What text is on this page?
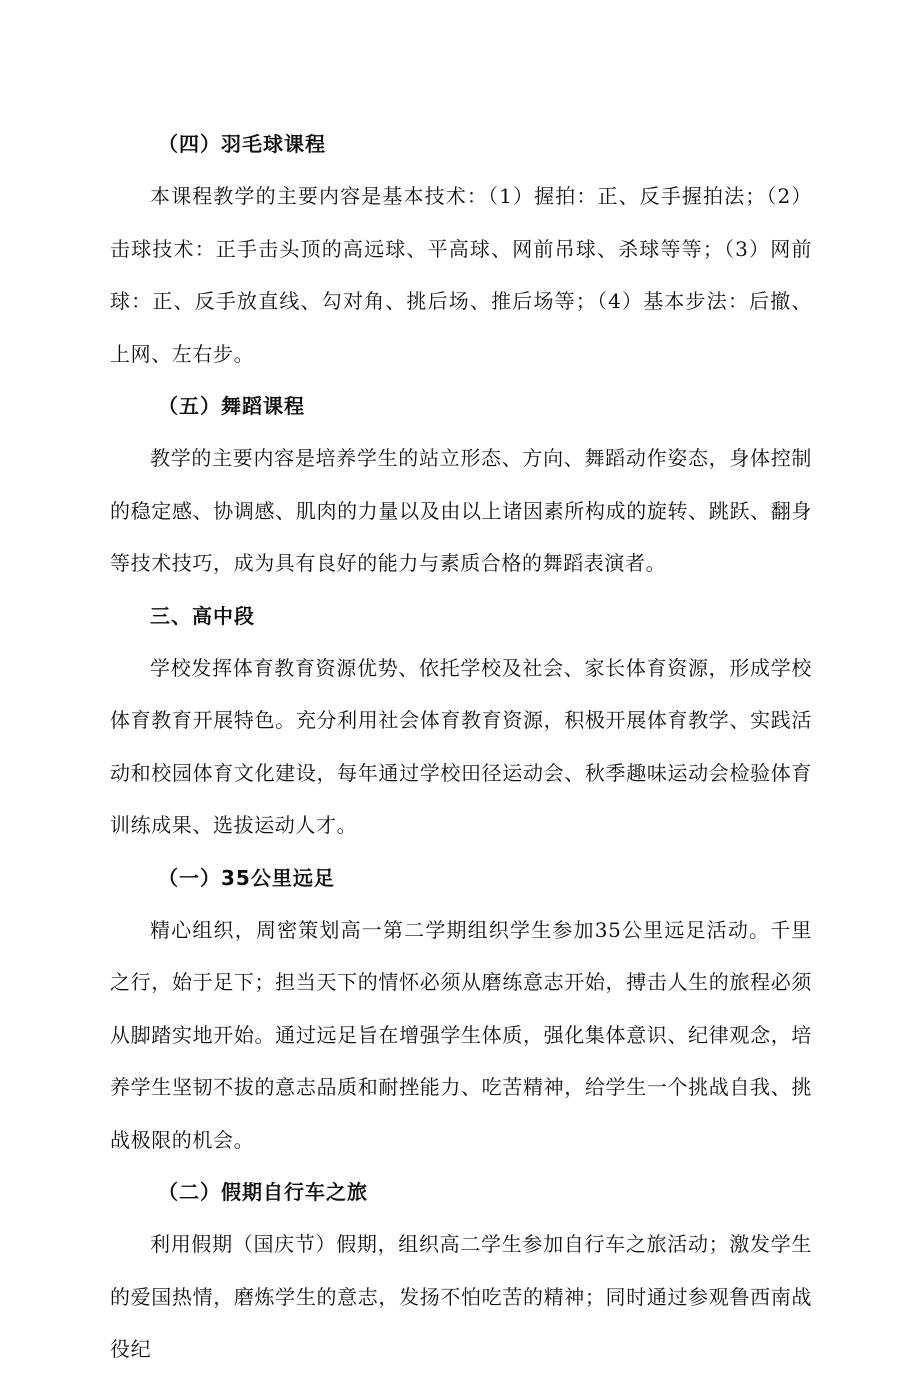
（四）羽毛球课程

本课程教学的主要内容是基本技术：（1）握拍：正、反手握拍法；（2）击球技术：正手击头顶的高远球、平高球、网前吊球、杀球等等；（3）网前球：正、反手放直线、勾对角、挑后场、推后场等；（4）基本步法：后撤、上网、左右步。

（五）舞蹈课程

教学的主要内容是培养学生的站立形态、方向、舞蹈动作姿态，身体控制的稳定感、协调感、肌肉的力量以及由以上诸因素所构成的旋转、跳跃、翻身等技术技巧，成为具有良好的能力与素质合格的舞蹈表演者。

三、高中段

学校发挥体育教育资源优势、依托学校及社会、家长体育资源，形成学校体育教育开展特色。充分利用社会体育教育资源，积极开展体育教学、实践活动和校园体育文化建设，每年通过学校田径运动会、秋季趣味运动会检验体育训练成果、选拔运动人才。

（一）35公里远足

精心组织，周密策划高一第二学期组织学生参加35公里远足活动。千里之行，始于足下；担当天下的情怀必须从磨练意志开始，搏击人生的旅程必须从脚踏实地开始。通过远足旨在增强学生体质，强化集体意识、纪律观念，培养学生坚韧不拔的意志品质和耐挫能力、吃苦精神，给学生一个挑战自我、挑战极限的机会。

（二）假期自行车之旅

利用假期（国庆节）假期，组织高二学生参加自行车之旅活动；激发学生的爱国热情，磨炼学生的意志，发扬不怕吃苦的精神；同时通过参观鲁西南战役纪
